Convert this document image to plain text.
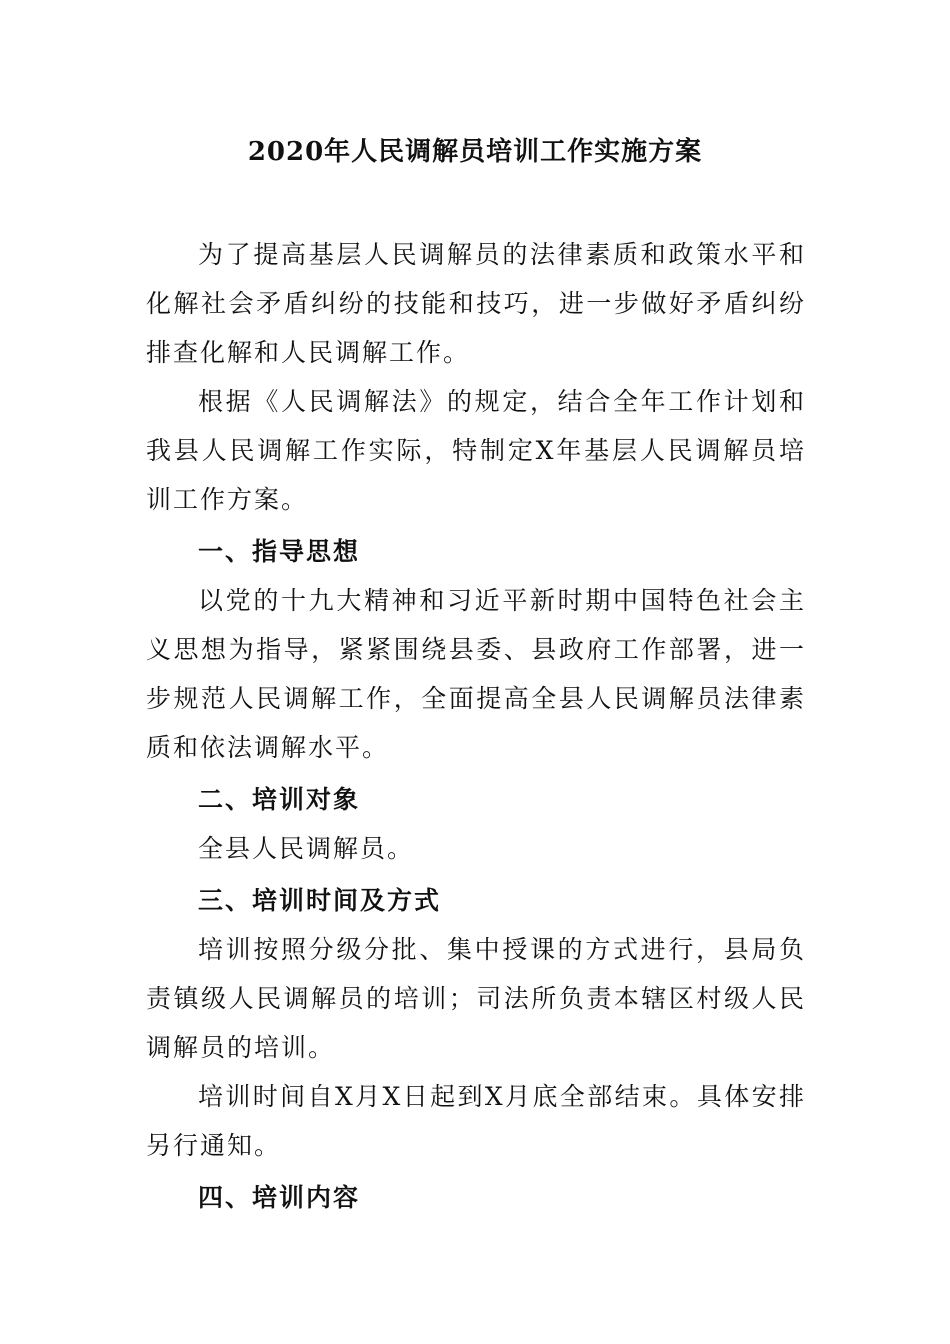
2020年人民调解员培训工作实施方案

为了提高基层人民调解员的法律素质和政策水平和化解社会矛盾纠纷的技能和技巧，进一步做好矛盾纠纷排查化解和人民调解工作。

根据《人民调解法》的规定，结合全年工作计划和我县人民调解工作实际，特制定X年基层人民调解员培训工作方案。

一、指导思想

以党的十九大精神和习近平新时期中国特色社会主义思想为指导，紧紧围绕县委、县政府工作部署，进一步规范人民调解工作，全面提高全县人民调解员法律素质和依法调解水平。

二、培训对象

全县人民调解员。

三、培训时间及方式

培训按照分级分批、集中授课的方式进行，县局负责镇级人民调解员的培训；司法所负责本辖区村级人民调解员的培训。

培训时间自X月X日起到X月底全部结束。具体安排另行通知。

四、培训内容
